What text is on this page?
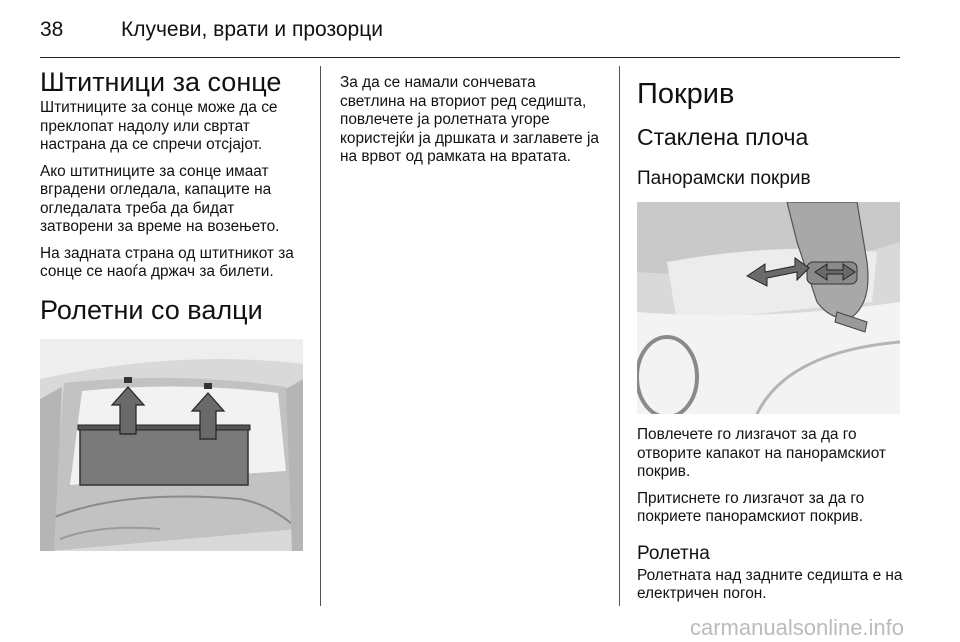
38	Клучеви, врати и прозорци
Штитници за сонце

Штитниците за сонце може да се преклопат надолу или свртат настрана да се спречи отсјајот.

Ако штитниците за сонце имаат вградени огледала, капаците на огледалата треба да бидат затворени за време на возењето.

На задната страна од штитникот за сонце се наоѓа држач за билети.

Ролетни со валци

За да се намали сончевата светлина на вториот ред седишта, повлечете ја ролетната угоре користејќи ја дршката и заглавете ја на врвот од рамката на вратата.

Покрив
Стаклена плоча
Панорамски покрив

Повлечете го лизгачот за да го отворите капакот на панорамскиот покрив.

Притиснете го лизгачот за да го покриете панорамскиот покрив.

Ролетна

Ролетната над задните седишта е на електричен погон.

carmanualsonline.info
